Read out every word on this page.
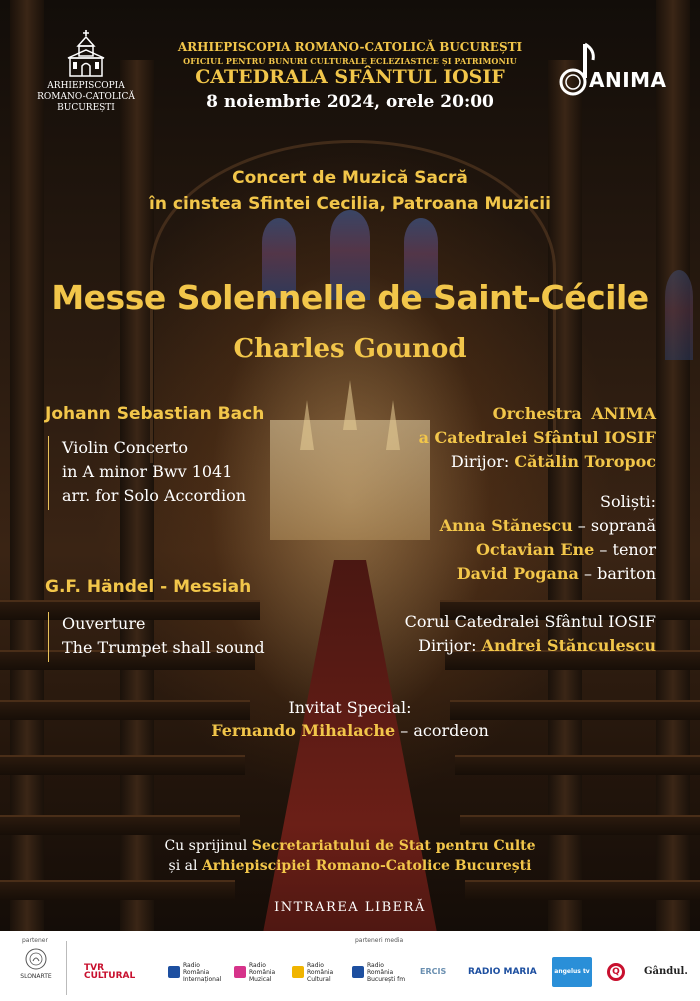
ARHIEPISCOPIA

ROMANO-CATOLICĂ

BUCUREȘTI

ARHIEPISCOPIA ROMANO-CATOLICĂ BUCUREȘTI

OFICIUL PENTRU BUNURI CULTURALE ECLEZIASTICE ȘI PATRIMONIU

CATEDRALA SFÂNTUL IOSIF

8 noiembrie 2024, orele 20:00

ANIMA

Concert de Muzică Sacră

în cinstea Sfintei Cecilia, Patroana Muzicii

Messe Solennelle de Saint-Cécile

Charles Gounod

Johann Sebastian Bach

Violin Concerto

in A minor Bwv 1041

arr. for Solo Accordion

G.F. Händel - Messiah

Ouverture

The Trumpet shall sound

Orchestra ANIMA

a Catedralei Sfântul IOSIF

Dirijor: Cătălin Toropoc

Soliști:

Anna Stănescu – soprană

Octavian Ene – tenor

David Pogana – bariton

Corul Catedralei Sfântul IOSIF

Dirijor: Andrei Stănculescu

Invitat Special:

Fernando Mihalache – acordeon

Cu sprijinul Secretariatului de Stat pentru Culte

și al Arhiepiscipiei Romano-Catolice București

INTRAREA LIBERĂ

partener	parteneri media
SLONARTE
TVR CULTURAL
Radio România Internațional
Radio România Muzical
Radio România Cultural
Radio România București fm
ERCIS RADIO MARIA	angelus tv	Q	Gândul.
